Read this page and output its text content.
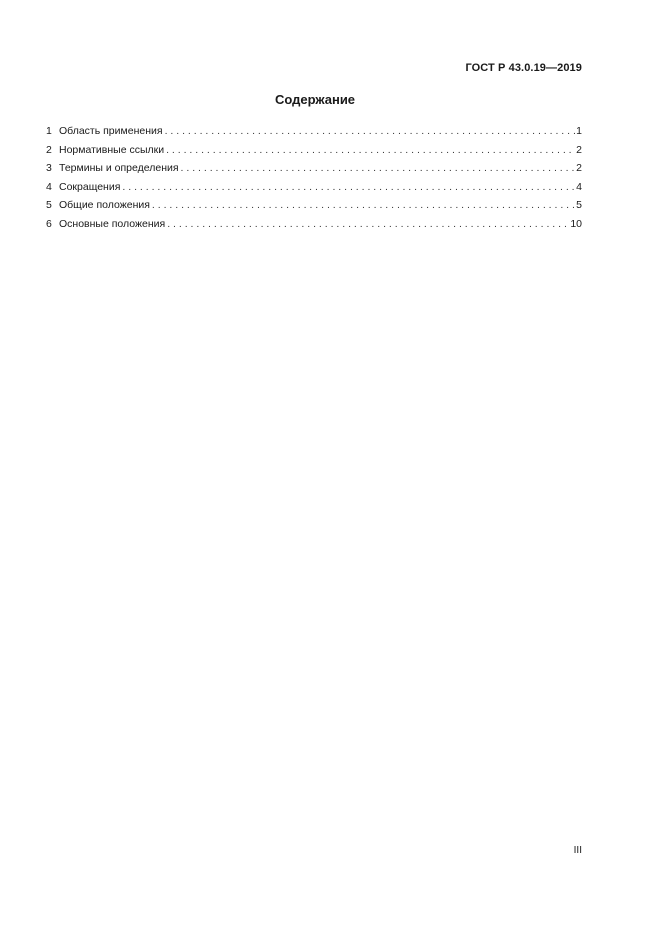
ГОСТ Р 43.0.19—2019
Содержание
1 Область применения . . .	1
2 Нормативные ссылки . . .	2
3 Термины и определения . . .	2
4 Сокращения . . .	4
5 Общие положения . . .	5
6 Основные положения . . .	10
III
